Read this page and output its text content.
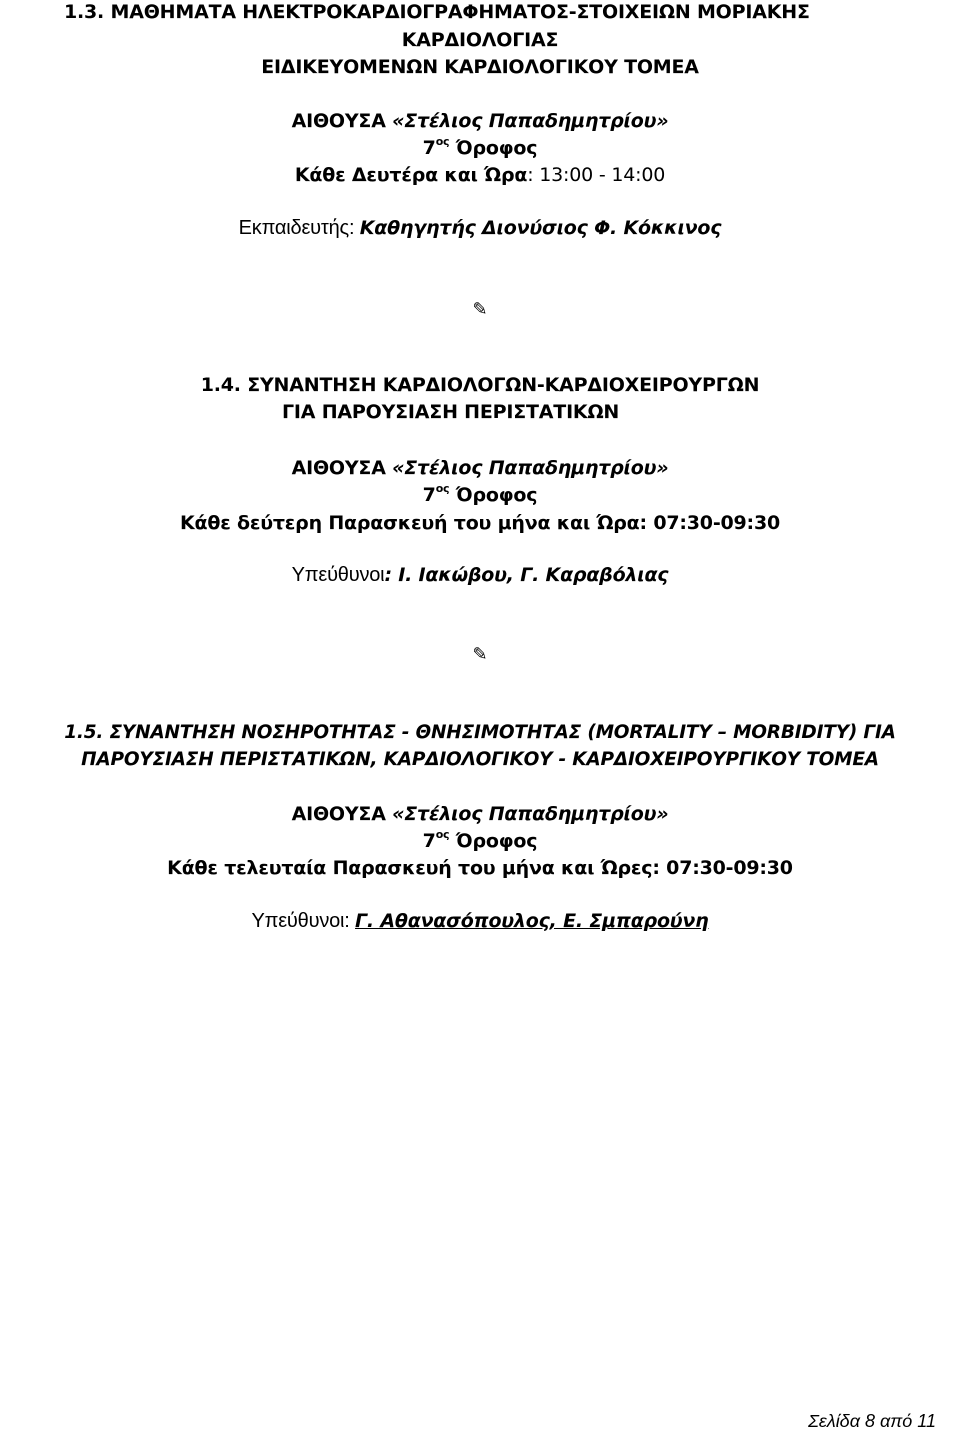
1.3. ΜΑΘΗΜΑΤΑ ΗΛΕΚΤΡΟΚΑΡΔΙΟΓΡΑΦΗΜΑΤΟΣ-ΣΤΟΙΧΕΙΩΝ ΜΟΡΙΑΚΗΣ
ΚΑΡΔΙΟΛΟΓΙΑΣ
ΕΙΔΙΚΕΥΟΜΕΝΩΝ ΚΑΡΔΙΟΛΟΓΙΚΟΥ ΤΟΜΕΑ
ΑΙΘΟΥΣΑ «Στέλιος Παπαδημητρίου»
$7^{o\varsigma}$ Όροφος
Κάθε Δευτέρα και Ώρα: 13:00 - 14:00
Εκπαιδευτής: Καθηγητής Διονύσιος Φ. Κόκκινος
✎
1.4. ΣΥΝΑΝΤΗΣΗ ΚΑΡΔΙΟΛΟΓΩΝ-ΚΑΡΔΙΟΧΕΙΡΟΥΡΓΩΝ
ΓΙΑ ΠΑΡΟΥΣΙΑΣΗ ΠΕΡΙΣΤΑΤΙΚΩΝ
ΑΙΘΟΥΣΑ «Στέλιος Παπαδημητρίου»
$7^{o\varsigma}$ Όροφος
Κάθε δεύτερη Παρασκευή του μήνα και Ώρα: 07:30-09:30
Υπεύθυνοι: Ι. Ιακώβου, Γ. Καραβόλιας
✎
1.5. ΣΥΝΑΝΤΗΣΗ ΝΟΣΗΡΟΤΗΤΑΣ - ΘΝΗΣΙΜΟΤΗΤΑΣ (MORTALITY – MORBIDITY) ΓΙΑ
ΠΑΡΟΥΣΙΑΣΗ ΠΕΡΙΣΤΑΤΙΚΩΝ, ΚΑΡΔΙΟΛΟΓΙΚΟΥ - ΚΑΡΔΙΟΧΕΙΡΟΥΡΓΙΚΟΥ ΤΟΜΕΑ
ΑΙΘΟΥΣΑ «Στέλιος Παπαδημητρίου»
$7^{o\varsigma}$ Όροφος
Κάθε τελευταία Παρασκευή του μήνα και Ώρες: 07:30-09:30
Υπεύθυνοι: Γ. Αθανασόπουλος, Ε. Σμπαρούνη
Σελίδα 8 από 11
